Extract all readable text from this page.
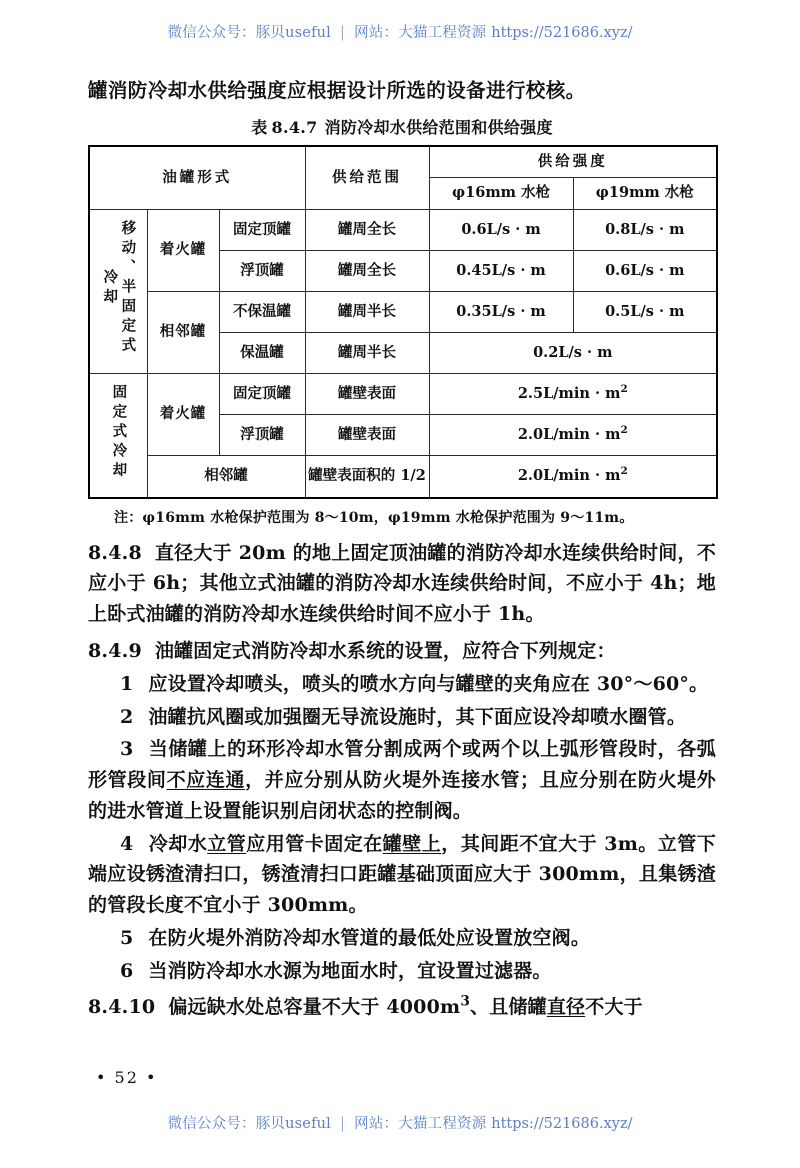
微信公众号：豚贝useful | 网站：大猫工程资源 https://521686.xyz/

罐消防冷却水供给强度应根据设计所选的设备进行校核。

表 8.4.7 消防冷却水供给范围和供给强度
油罐形式			供给范围	供给强度	
				φ16mm 水枪	φ19mm 水枪
移动、半固定式冷却	着火罐	固定顶罐	罐周全长	0.6L/s · m	0.8L/s · m
		浮顶罐	罐周全长	0.45L/s · m	0.6L/s · m
	相邻罐	不保温罐	罐周半长	0.35L/s · m	0.5L/s · m
		保温罐	罐周半长	0.2L/s · m	
固定式冷却	着火罐	固定顶罐	罐壁表面	$2.5L/\min \cdot m^2$
		浮顶罐	罐壁表面	$2.0L/\min \cdot m^2$
	相邻罐		罐壁表面积的 1/2	$2.0L/\min \cdot m^2$
注：φ16mm 水枪保护范围为 8～10m，φ19mm 水枪保护范围为 9～11m。

8.4.8 直径大于 20m 的地上固定顶油罐的消防冷却水连续供给时间，不应小于 6h；其他立式油罐的消防冷却水连续供给时间，不应小于 4h；地上卧式油罐的消防冷却水连续供给时间不应小于 1h。

8.4.9 油罐固定式消防冷却水系统的设置，应符合下列规定：

1 应设置冷却喷头，喷头的喷水方向与罐壁的夹角应在 30°～60°。

2 油罐抗风圈或加强圈无导流设施时，其下面应设冷却喷水圈管。

3 当储罐上的环形冷却水管分割成两个或两个以上弧形管段时，各弧形管段间不应连通，并应分别从防火堤外连接水管；且应分别在防火堤外的进水管道上设置能识别启闭状态的控制阀。

4 冷却水立管应用管卡固定在罐壁上，其间距不宜大于 3m。立管下端应设锈渣清扫口，锈渣清扫口距罐基础顶面应大于 300mm，且集锈渣的管段长度不宜小于 300mm。

5 在防火堤外消防冷却水管道的最低处应设置放空阀。

6 当消防冷却水水源为地面水时，宜设置过滤器。

8.4.10 偏远缺水处总容量不大于 $4000m^3$、且储罐直径不大于

• 52 •
微信公众号：豚贝useful | 网站：大猫工程资源 https://521686.xyz/
